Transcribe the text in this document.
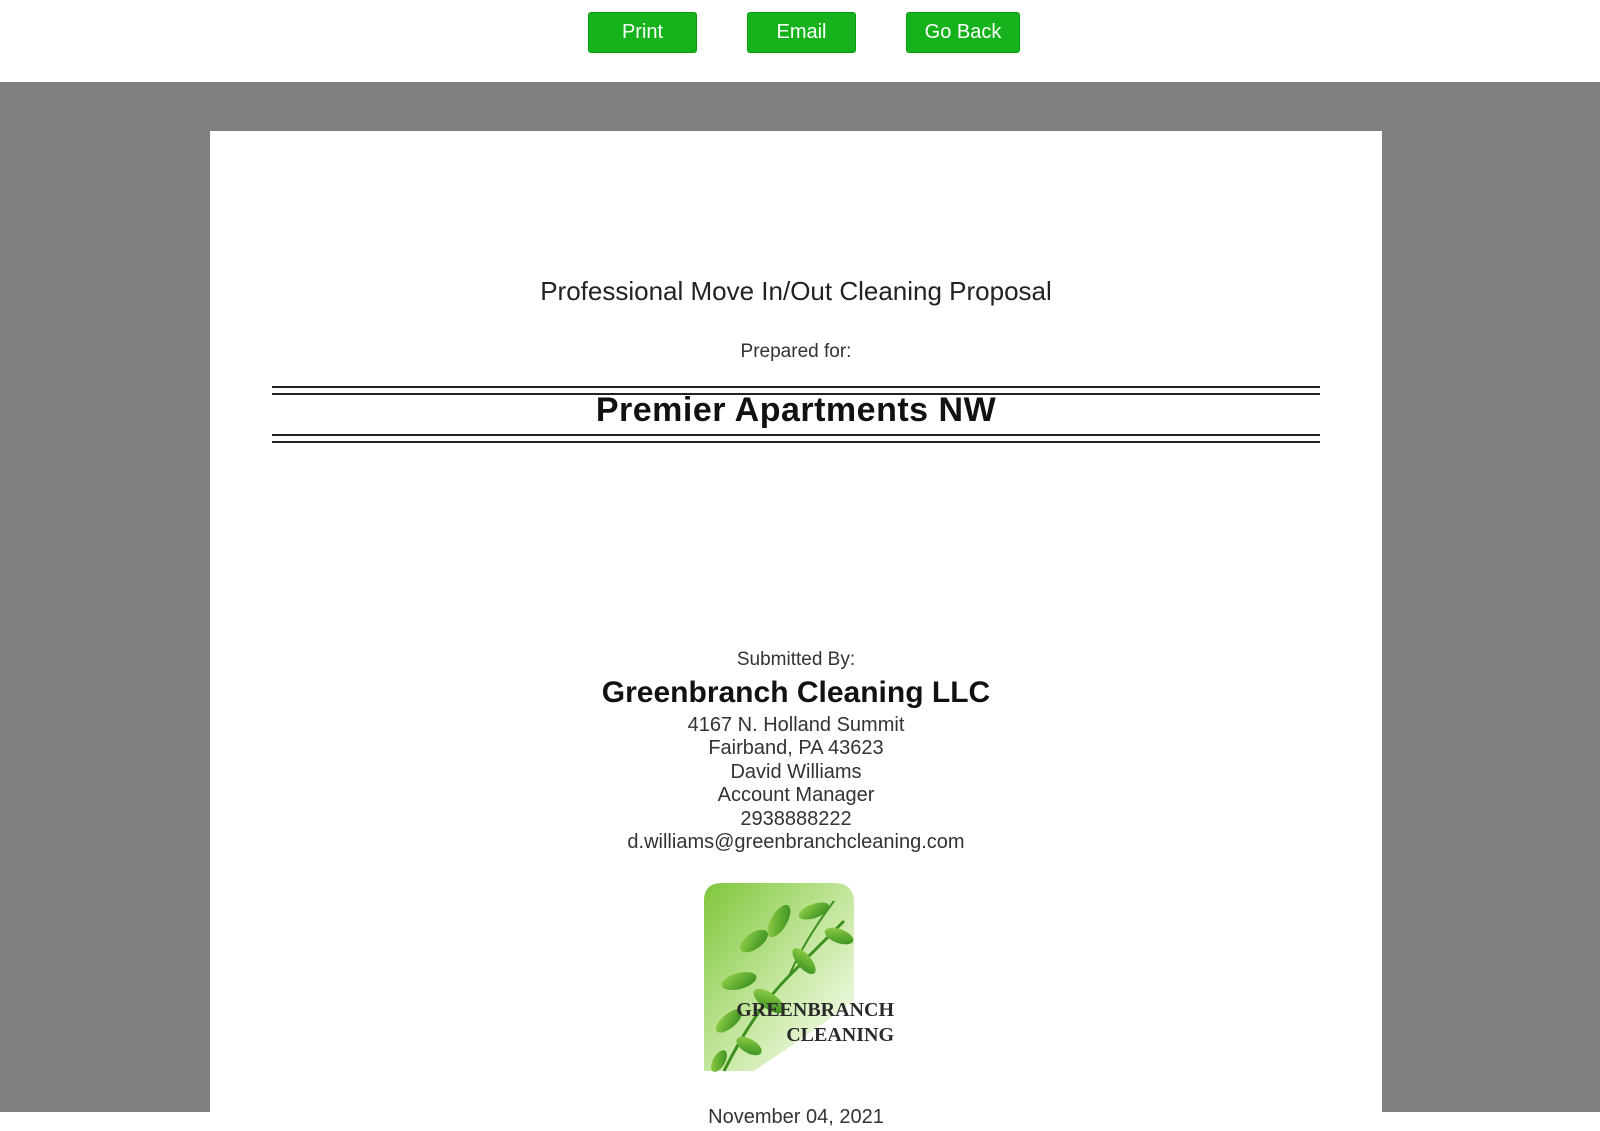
Print	Email	Go Back
Professional Move In/Out Cleaning Proposal
Prepared for:
Premier Apartments NW
Submitted By:
Greenbranch Cleaning LLC
4167 N. Holland Summit
Fairband, PA 43623
David Williams
Account Manager
2938888222
d.williams@greenbranchcleaning.com
GREENBRANCH
CLEANING
November 04, 2021
